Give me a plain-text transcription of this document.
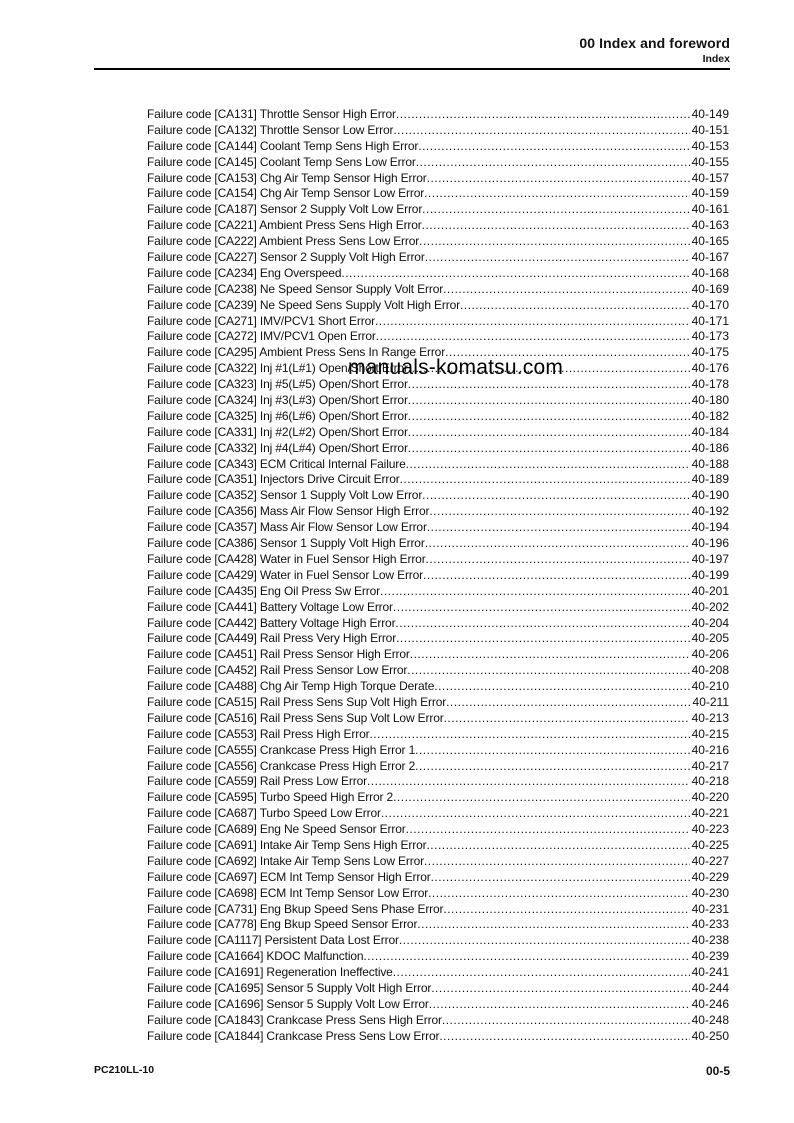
00 Index and foreword
Index
Failure code [CA131] Throttle Sensor High Error .....	40-149
Failure code [CA132] Throttle Sensor Low Error .....	40-151
Failure code [CA144] Coolant Temp Sens High Error .....	40-153
Failure code [CA145] Coolant Temp Sens Low Error .....	40-155
Failure code [CA153] Chg Air Temp Sensor High Error .....	40-157
Failure code [CA154] Chg Air Temp Sensor Low Error .....	40-159
Failure code [CA187] Sensor 2 Supply Volt Low Error .....	40-161
Failure code [CA221] Ambient Press Sens High Error .....	40-163
Failure code [CA222] Ambient Press Sens Low Error .....	40-165
Failure code [CA227] Sensor 2 Supply Volt High Error .....	40-167
Failure code [CA234] Eng Overspeed .....	40-168
Failure code [CA238] Ne Speed Sensor Supply Volt Error .....	40-169
Failure code [CA239] Ne Speed Sens Supply Volt High Error .....	40-170
Failure code [CA271] IMV/PCV1 Short Error .....	40-171
Failure code [CA272] IMV/PCV1 Open Error .....	40-173
Failure code [CA295] Ambient Press Sens In Range Error .....	40-175
Failure code [CA322] Inj #1(L#1) Open/Short Error .....	40-176
Failure code [CA323] Inj #5(L#5) Open/Short Error .....	40-178
Failure code [CA324] Inj #3(L#3) Open/Short Error .....	40-180
Failure code [CA325] Inj #6(L#6) Open/Short Error .....	40-182
Failure code [CA331] Inj #2(L#2) Open/Short Error .....	40-184
Failure code [CA332] Inj #4(L#4) Open/Short Error .....	40-186
Failure code [CA343] ECM Critical Internal Failure .....	40-188
Failure code [CA351] Injectors Drive Circuit Error .....	40-189
Failure code [CA352] Sensor 1 Supply Volt Low Error .....	40-190
Failure code [CA356] Mass Air Flow Sensor High Error .....	40-192
Failure code [CA357] Mass Air Flow Sensor Low Error .....	40-194
Failure code [CA386] Sensor 1 Supply Volt High Error .....	40-196
Failure code [CA428] Water in Fuel Sensor High Error .....	40-197
Failure code [CA429] Water in Fuel Sensor Low Error .....	40-199
Failure code [CA435] Eng Oil Press Sw Error .....	40-201
Failure code [CA441] Battery Voltage Low Error .....	40-202
Failure code [CA442] Battery Voltage High Error .....	40-204
Failure code [CA449] Rail Press Very High Error .....	40-205
Failure code [CA451] Rail Press Sensor High Error .....	40-206
Failure code [CA452] Rail Press Sensor Low Error .....	40-208
Failure code [CA488] Chg Air Temp High Torque Derate .....	40-210
Failure code [CA515] Rail Press Sens Sup Volt High Error .....	40-211
Failure code [CA516] Rail Press Sens Sup Volt Low Error .....	40-213
Failure code [CA553] Rail Press High Error .....	40-215
Failure code [CA555] Crankcase Press High Error 1 .....	40-216
Failure code [CA556] Crankcase Press High Error 2 .....	40-217
Failure code [CA559] Rail Press Low Error .....	40-218
Failure code [CA595] Turbo Speed High Error 2 .....	40-220
Failure code [CA687] Turbo Speed Low Error .....	40-221
Failure code [CA689] Eng Ne Speed Sensor Error .....	40-223
Failure code [CA691] Intake Air Temp Sens High Error .....	40-225
Failure code [CA692] Intake Air Temp Sens Low Error .....	40-227
Failure code [CA697] ECM Int Temp Sensor High Error .....	40-229
Failure code [CA698] ECM Int Temp Sensor Low Error .....	40-230
Failure code [CA731] Eng Bkup Speed Sens Phase Error .....	40-231
Failure code [CA778] Eng Bkup Speed Sensor Error .....	40-233
Failure code [CA1117] Persistent Data Lost Error .....	40-238
Failure code [CA1664] KDOC Malfunction .....	40-239
Failure code [CA1691] Regeneration Ineffective .....	40-241
Failure code [CA1695] Sensor 5 Supply Volt High Error .....	40-244
Failure code [CA1696] Sensor 5 Supply Volt Low Error .....	40-246
Failure code [CA1843] Crankcase Press Sens High Error .....	40-248
Failure code [CA1844] Crankcase Press Sens Low Error .....	40-250
manuals-komatsu.com
PC210LL-10	00-5
